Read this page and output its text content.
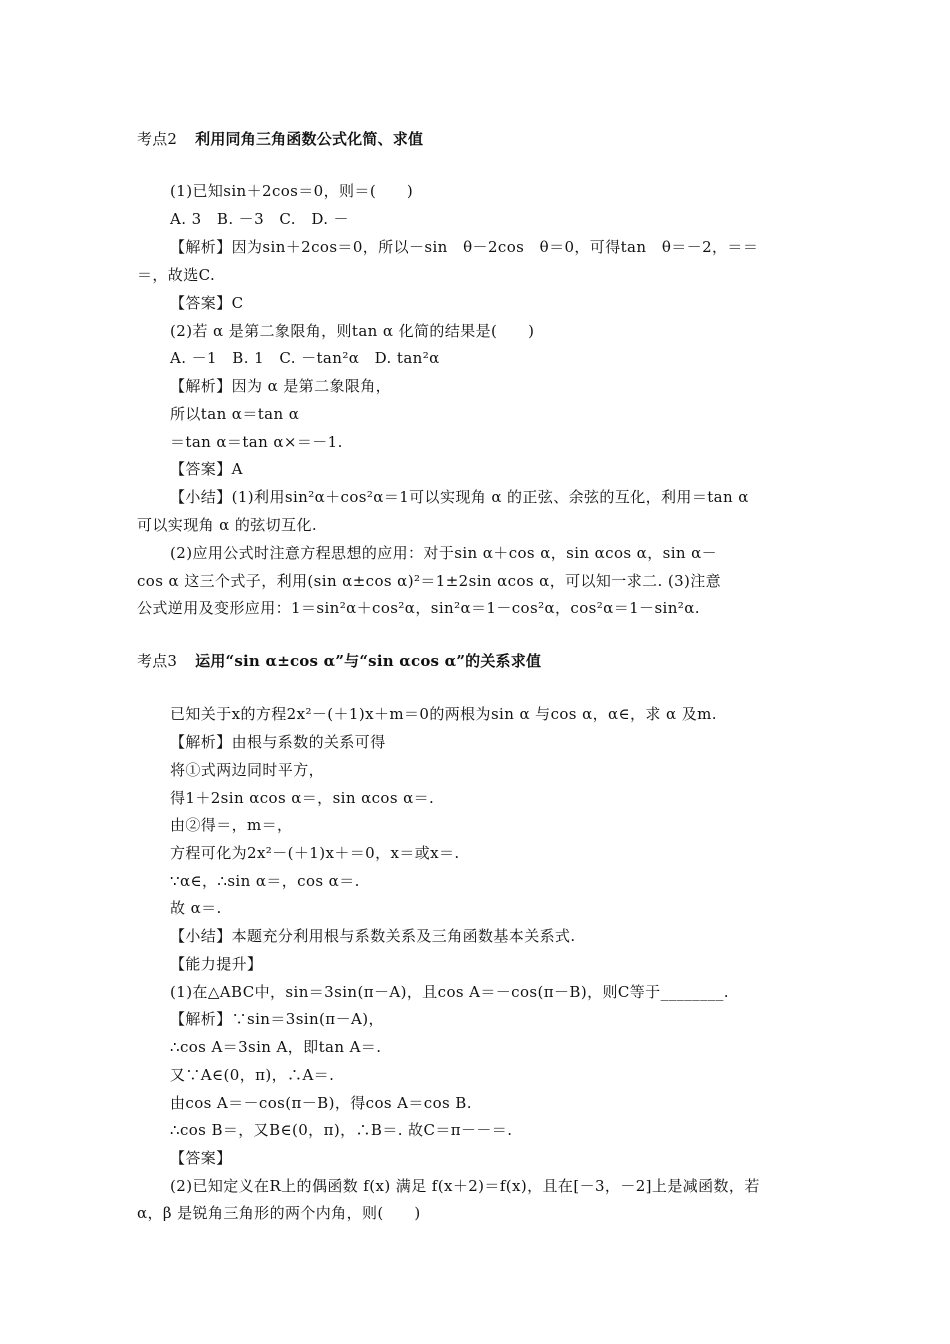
考点2 利用同角三角函数公式化简、求值
(1)已知sin＋2cos＝0，则＝(　　)
A. 3　B. －3　C.　D. －
【解析】因为sin＋2cos＝0，所以－sin　θ－2cos　θ＝0，可得tan　θ＝－2，＝＝
＝，故选C.
【答案】C
(2)若 α 是第二象限角，则tan α 化简的结果是(　　)
A. －1　B. 1　C. －tan²α　D. tan²α
【解析】因为 α 是第二象限角，
所以tan α＝tan α
＝tan α＝tan α×＝－1.
【答案】A
【小结】(1)利用sin²α＋cos²α＝1可以实现角 α 的正弦、余弦的互化，利用＝tan α
可以实现角 α 的弦切互化.
(2)应用公式时注意方程思想的应用：对于sin α＋cos α，sin αcos α，sin α－
cos α 这三个式子，利用(sin α±cos α)²＝1±2sin αcos α，可以知一求二. (3)注意
公式逆用及变形应用：1＝sin²α＋cos²α，sin²α＝1－cos²α，cos²α＝1－sin²α.
考点3 运用“sin α±cos α”与“sin αcos α”的关系求值
已知关于x的方程2x²－(＋1)x＋m＝0的两根为sin α 与cos α，α∈，求 α 及m.
【解析】由根与系数的关系可得
将①式两边同时平方，
得1＋2sin αcos α＝，sin αcos α＝.
由②得＝，m＝，
方程可化为2x²－(＋1)x＋＝0，x＝或x＝.
∵α∈，∴sin α＝，cos α＝.
故 α＝.
【小结】本题充分利用根与系数关系及三角函数基本关系式.
【能力提升】
(1)在△ABC中，sin＝3sin(π－A)，且cos A＝－cos(π－B)，则C等于________.
【解析】∵sin＝3sin(π－A)，
∴cos A＝3sin A，即tan A＝.
又∵A∈(0，π)，∴A＝.
由cos A＝－cos(π－B)，得cos A＝cos B.
∴cos B＝，又B∈(0，π)，∴B＝. 故C＝π－－＝.
【答案】
(2)已知定义在R上的偶函数 f(x) 满足 f(x＋2)＝f(x)，且在[－3，－2]上是减函数，若
α，β 是锐角三角形的两个内角，则(　　)
